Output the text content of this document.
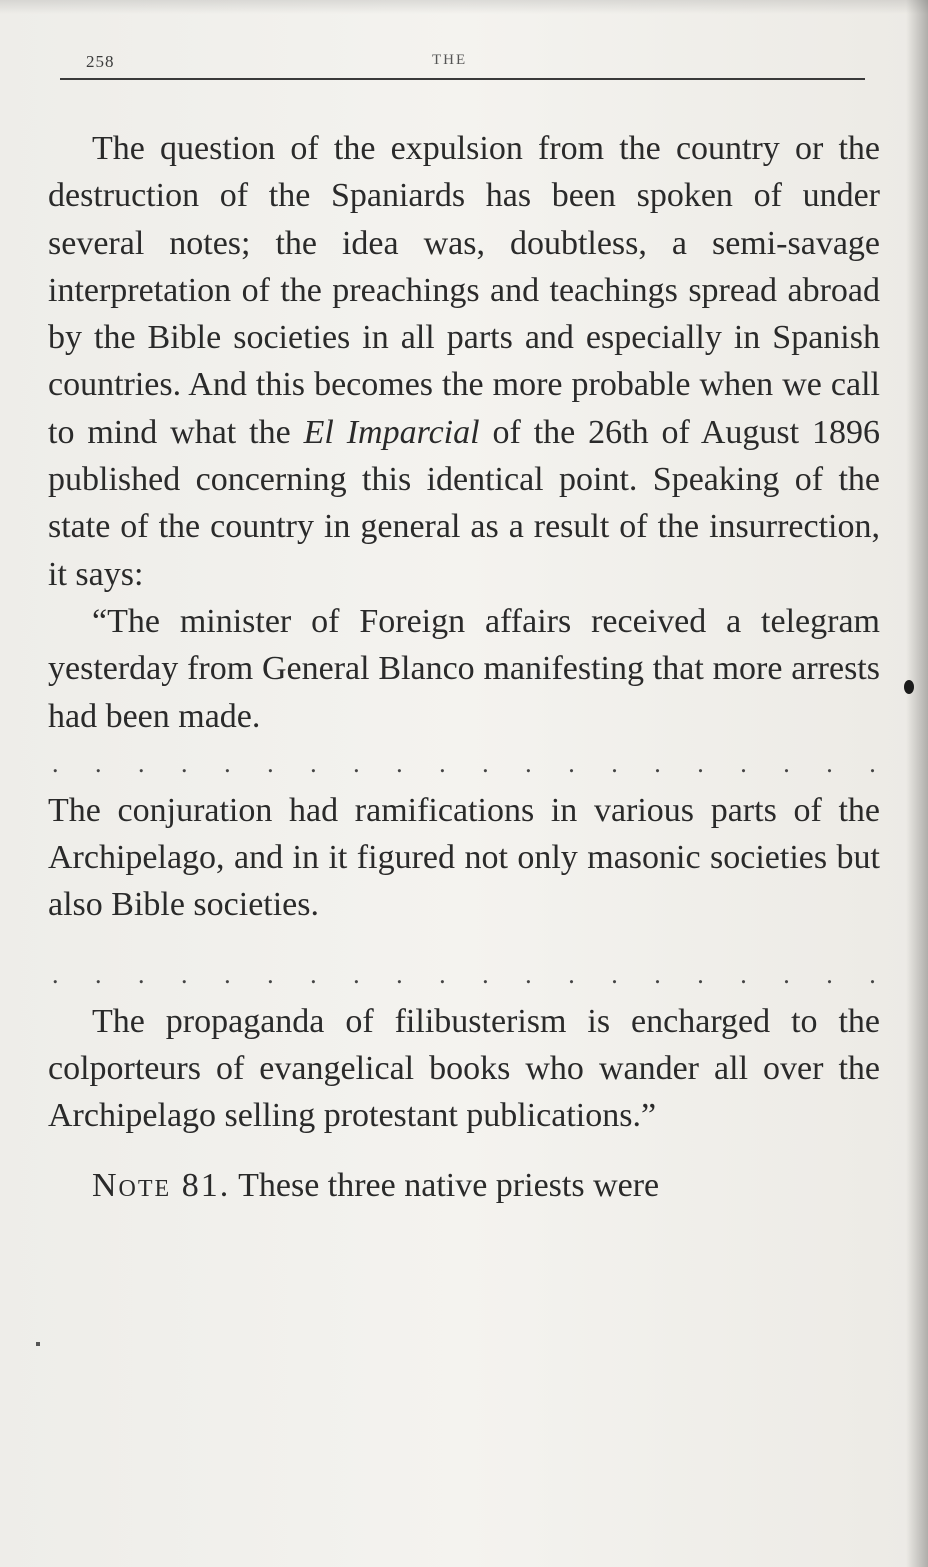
258	THE

The question of the expulsion from the country or the destruction of the Spaniards has been spoken of under several notes; the idea was, doubtless, a semi-savage interpretation of the preachings and teachings spread abroad by the Bible societies in all parts and especially in Spanish countries. And this becomes the more probable when we call to mind what the El Imparcial of the 26th of August 1896 published concerning this identical point. Speaking of the state of the country in general as a result of the insurrection, it says:

“The minister of Foreign affairs received a telegram yesterday from General Blanco manifesting that more arrests had been made.

. . . . . . . . . . . . . . . . . . . .

The conjuration had ramifications in various parts of the Archipelago, and in it figured not only masonic societies but also Bible societies.

. . . . . . . . . . . . . . . . . . . .

The propaganda of filibusterism is encharged to the colporteurs of evangelical books who wander all over the Archipelago selling protestant publications.”

Note 81. These three native priests were
